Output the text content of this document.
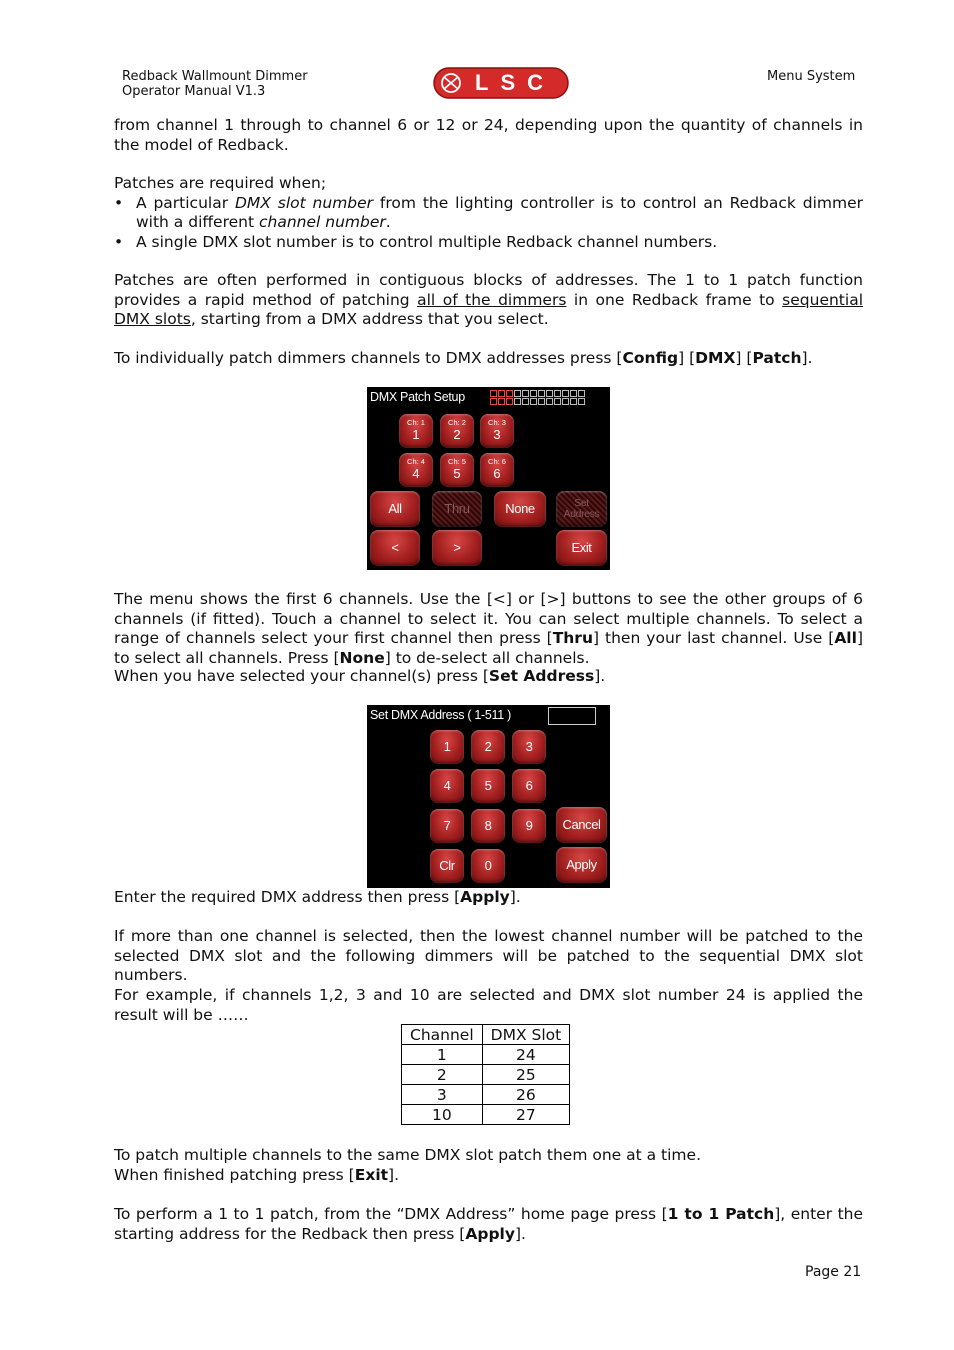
Redback Wallmount Dimmer
Operator Manual V1.3	LSC	Menu System

from channel 1 through to channel 6 or 12 or 24, depending upon the quantity of channels in the model of Redback.

Patches are required when;
• A particular DMX slot number from the lighting controller is to control an Redback dimmer with a different channel number.
• A single DMX slot number is to control multiple Redback channel numbers.

Patches are often performed in contiguous blocks of addresses. The 1 to 1 patch function provides a rapid method of patching all of the dimmers in one Redback frame to sequential DMX slots, starting from a DMX address that you select.

To individually patch dimmers channels to DMX addresses press [Config] [DMX] [Patch].

DMX Patch Setup
Ch: 1
1
Ch: 2
2
Ch: 3
3
Ch: 4
4
Ch: 5
5
Ch: 6
6
All	Thru	None	Set
Address
<	>	Exit

The menu shows the first 6 channels. Use the [<] or [>] buttons to see the other groups of 6 channels (if fitted). Touch a channel to select it. You can select multiple channels. To select a range of channels select your first channel then press [Thru] then your last channel. Use [All] to select all channels. Press [None] to de-select all channels.

When you have selected your channel(s) press [Set Address].

Set DMX Address ( 1-511 )
1	2	3
4	5	6
7	8	9
Clr	0
Cancel
Apply

Enter the required DMX address then press [Apply].

If more than one channel is selected, then the lowest channel number will be patched to the selected DMX slot and the following dimmers will be patched to the sequential DMX slot numbers.

For example, if channels 1,2, 3 and 10 are selected and DMX slot number 24 is applied the result will be ……

Channel	DMX Slot
1	24
2	25
3	26
10	27

To patch multiple channels to the same DMX slot patch them one at a time.

When finished patching press [Exit].

To perform a 1 to 1 patch, from the “DMX Address” home page press [1 to 1 Patch], enter the starting address for the Redback then press [Apply].

Page 21
